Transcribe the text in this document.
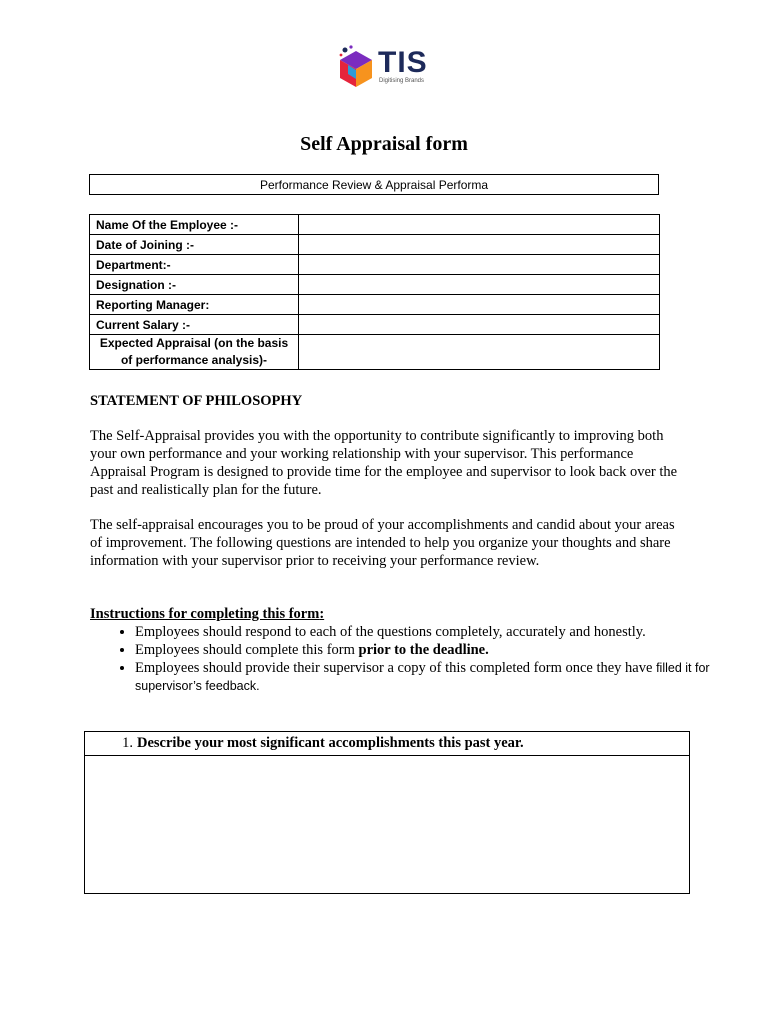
TIS
Digitising Brands
Self Appraisal form
Performance Review & Appraisal Performa
Name Of the Employee :-	
Date of Joining :-	
Department:-	
Designation :-	
Reporting Manager:	
Current Salary :-	
Expected Appraisal (on the basis
of performance analysis)-	
STATEMENT OF PHILOSOPHY
The Self-Appraisal provides you with the opportunity to contribute significantly to improving both your own performance and your working relationship with your supervisor. This performance Appraisal Program is designed to provide time for the employee and supervisor to look back over the past and realistically plan for the future.
The self-appraisal encourages you to be proud of your accomplishments and candid about your areas of improvement. The following questions are intended to help you organize your thoughts and share information with your supervisor prior to receiving your performance review.
Instructions for completing this form:
• Employees should respond to each of the questions completely, accurately and honestly.
• Employees should complete this form prior to the deadline.
• Employees should provide their supervisor a copy of this completed form once they have filled it for supervisor’s feedback.
1. Describe your most significant accomplishments this past year.
